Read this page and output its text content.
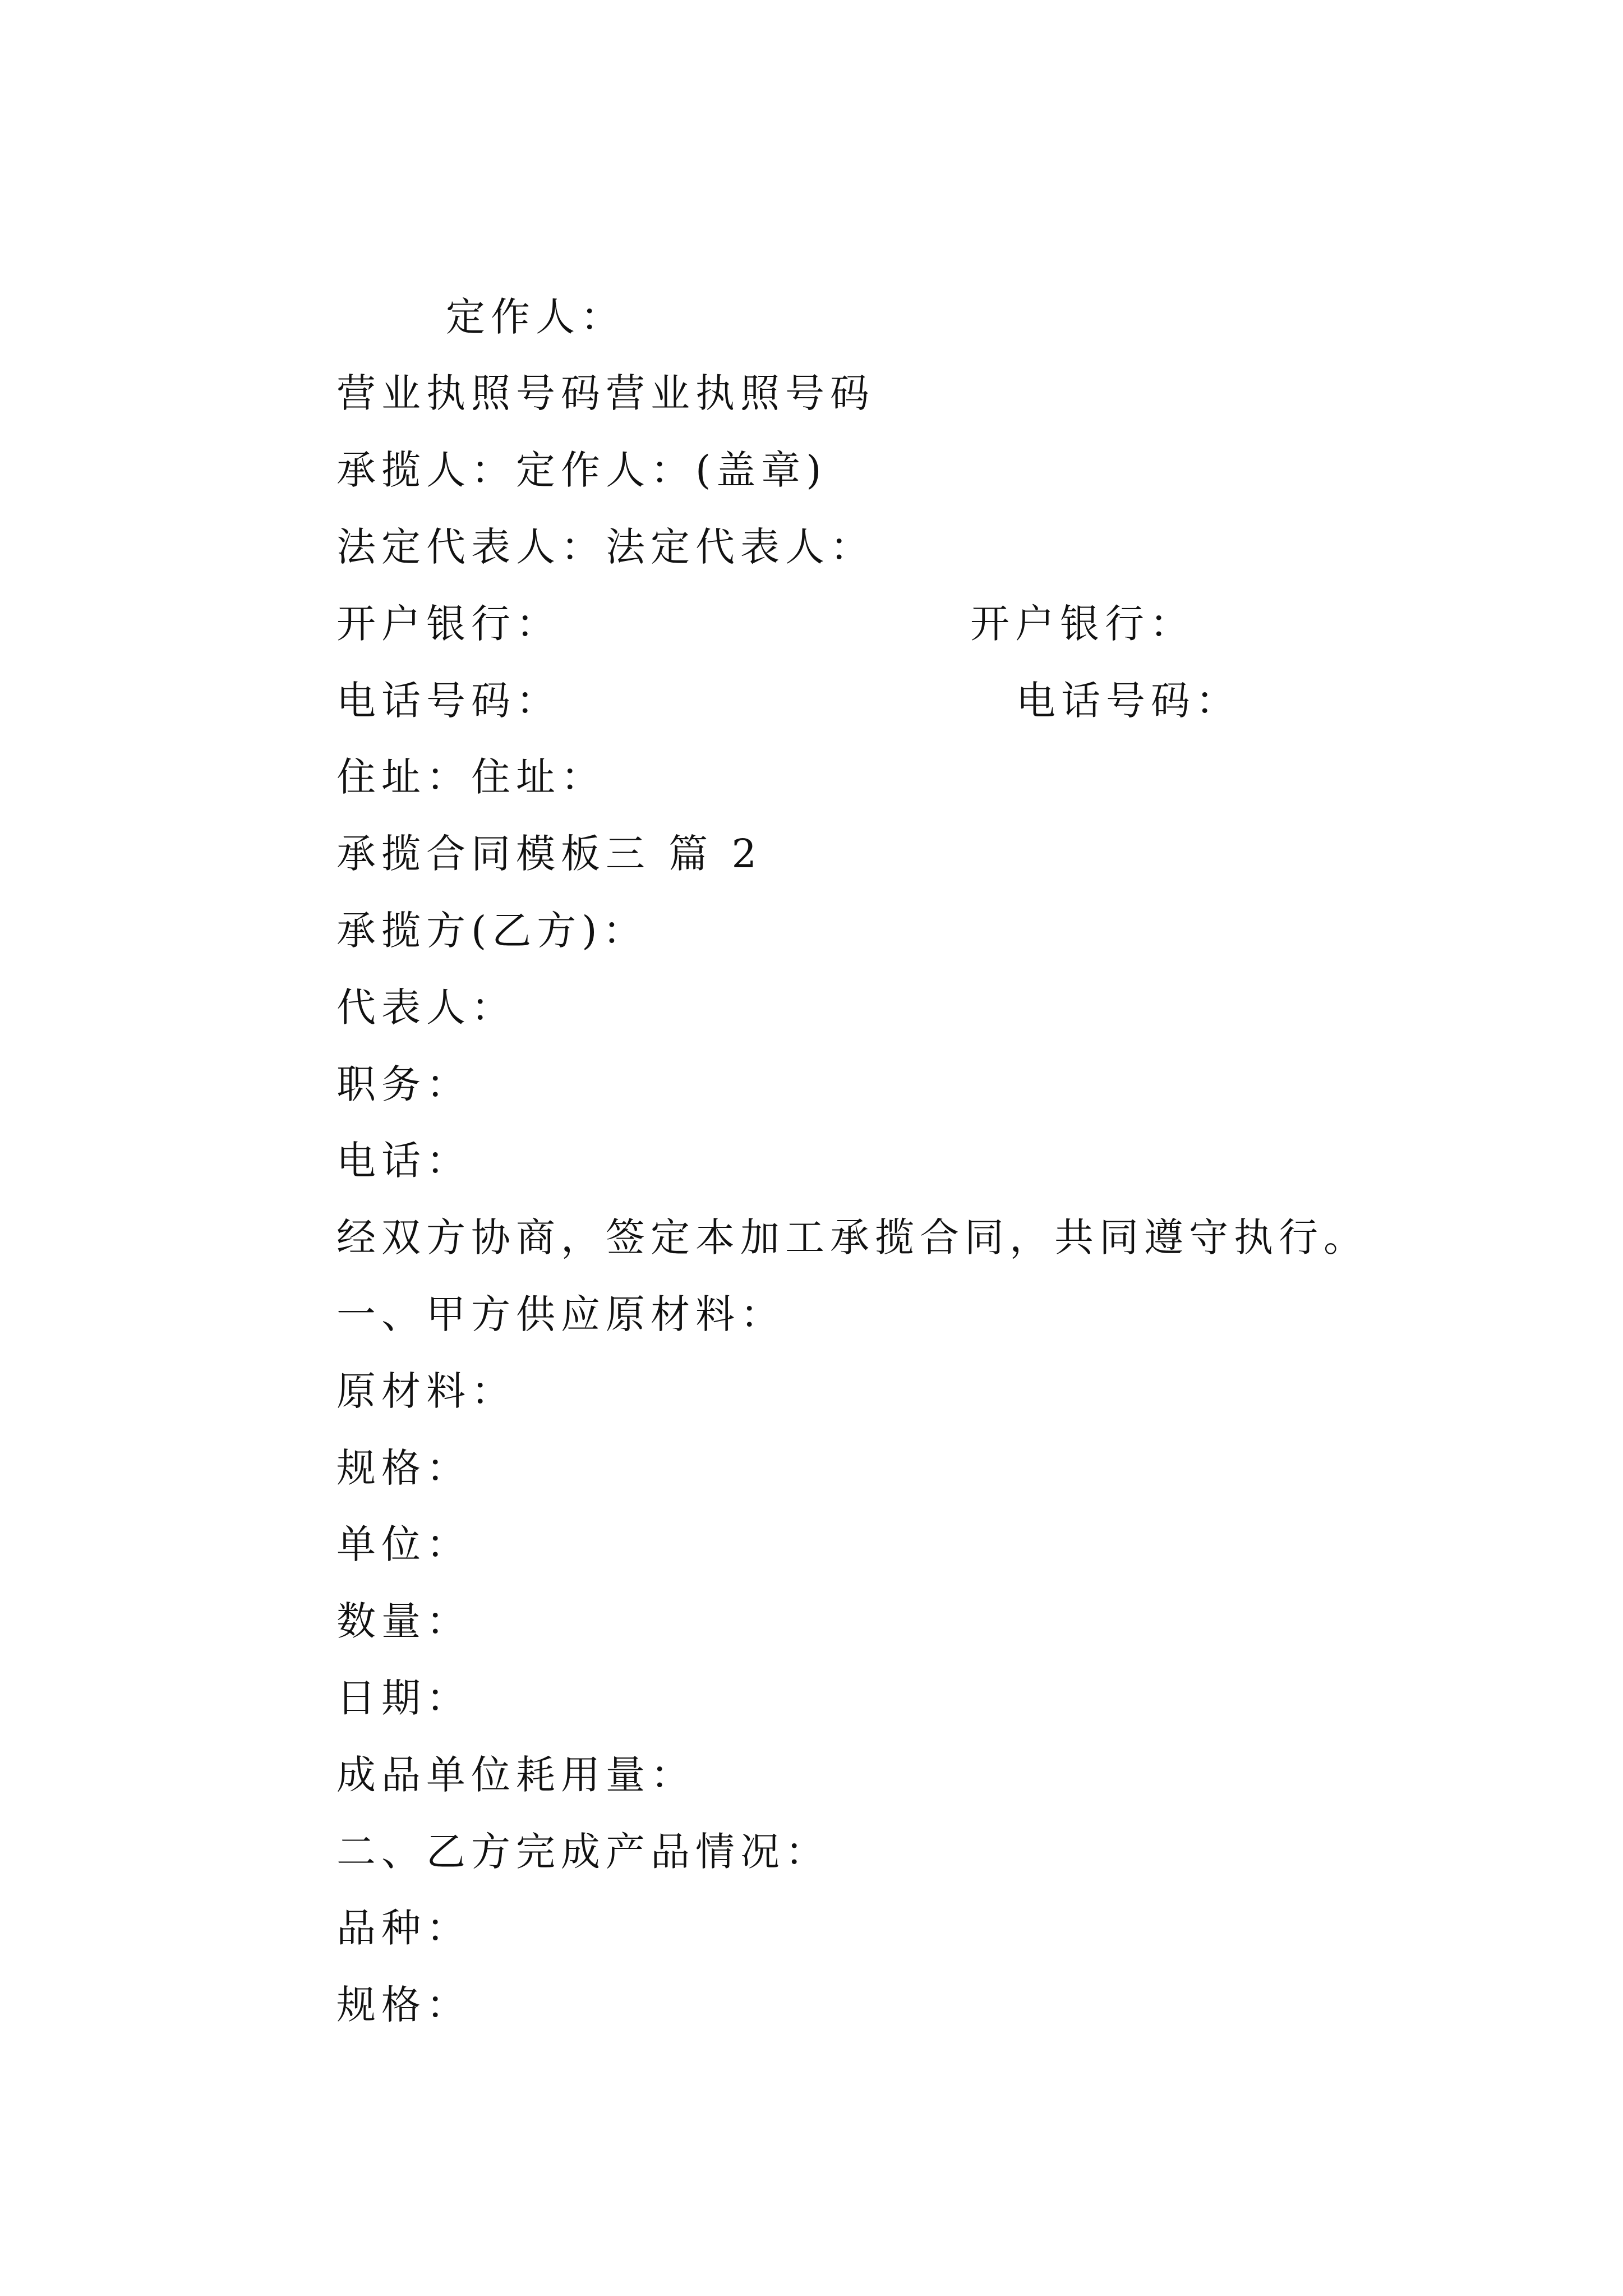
定作人：
营业执照号码营业执照号码
承揽人：定作人：(盖章)
法定代表人：法定代表人：
开户银行：	开户银行：
电话号码：	电话号码：
住址：住址：
承揽合同模板三 篇 2
承揽方(乙方)：
代表人：
职务：
电话：
经双方协商，签定本加工承揽合同，共同遵守执行。
一、甲方供应原材料：
原材料：
规格：
单位：
数量：
日期：
成品单位耗用量：
二、乙方完成产品情况：
品种：
规格：
